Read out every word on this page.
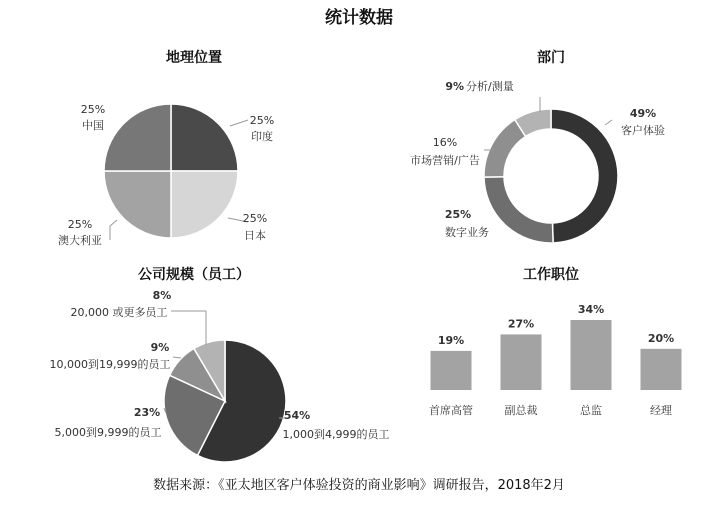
统计数据
地理位置
25%
中国	25%
印度
25%
日本
25%
澳大利亚
部门
49%
客户体验
25%
数字业务
16%
市场营销/广告
9% 分析/测量
公司规模（员工）
54%
1,000到4,999的员工
23%
5,000到9,999的员工
9%
10,000到19,999的员工
8%
20,000 或更多员工
工作职位
19%
首席高管
27%
副总裁
34%
总监
20%
经理
数据来源：《亚太地区客户体验投资的商业影响》调研报告，2018年2月
